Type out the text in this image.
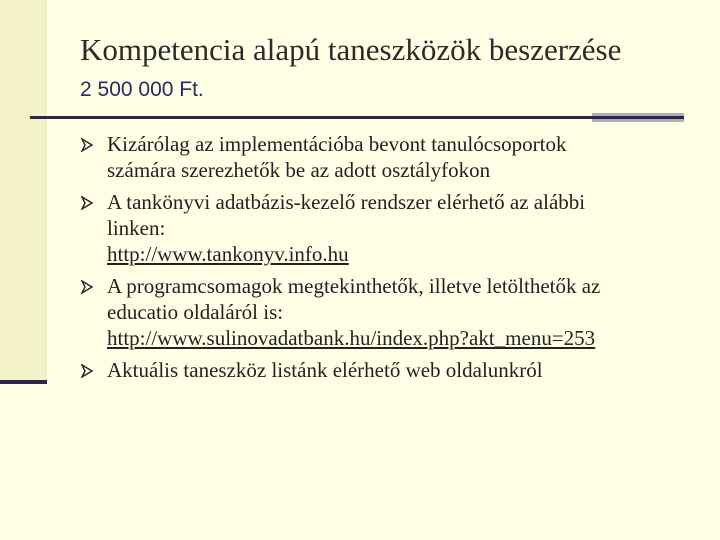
Kompetencia alapú taneszközök beszerzése
2 500 000 Ft.
Kizárólag az implementációba bevont tanulócsoportok
számára szerezhetők be az adott osztályfokon
A tankönyvi adatbázis-kezelő rendszer elérhető az alábbi
linken:
http://www.tankonyv.info.hu
A programcsomagok megtekinthetők, illetve letölthetők az
educatio oldaláról is:
http://www.sulinovadatbank.hu/index.php?akt_menu=253
Aktuális taneszköz listánk elérhető web oldalunkról
